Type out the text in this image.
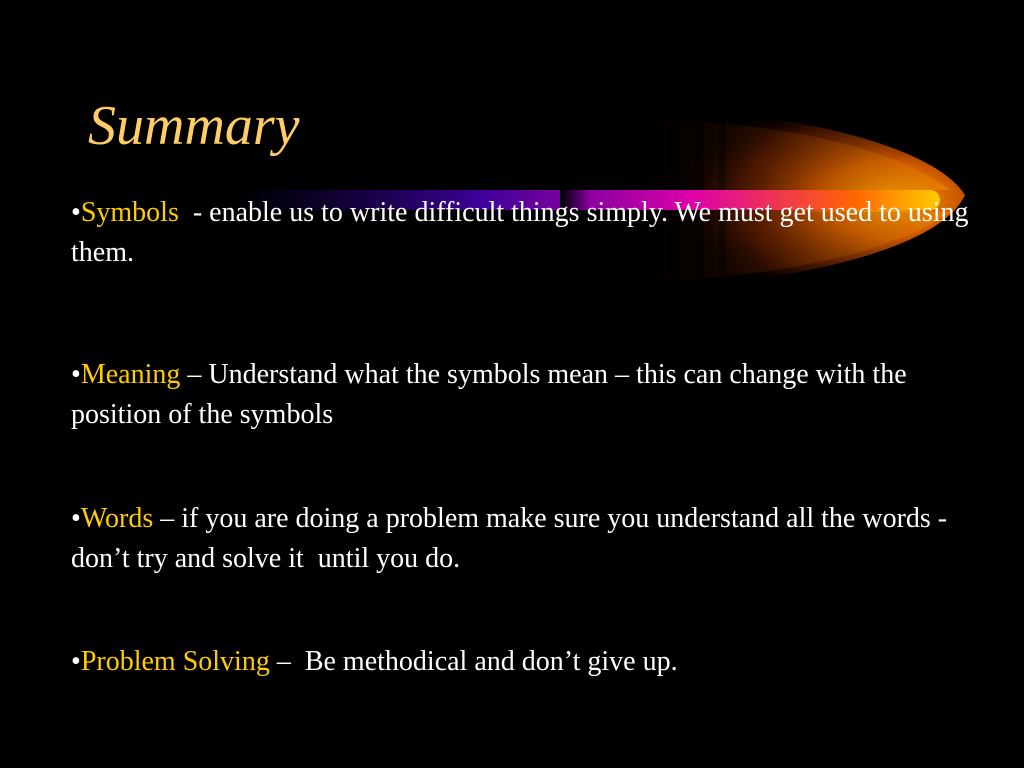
Summary
•Symbols  - enable us to write difficult things simply. We must get used to using them.
•Meaning – Understand what the symbols mean – this can change with the position of the symbols
•Words – if you are doing a problem make sure you understand all the words - don’t try and solve it  until you do.
•Problem Solving –  Be methodical and don’t give up.
